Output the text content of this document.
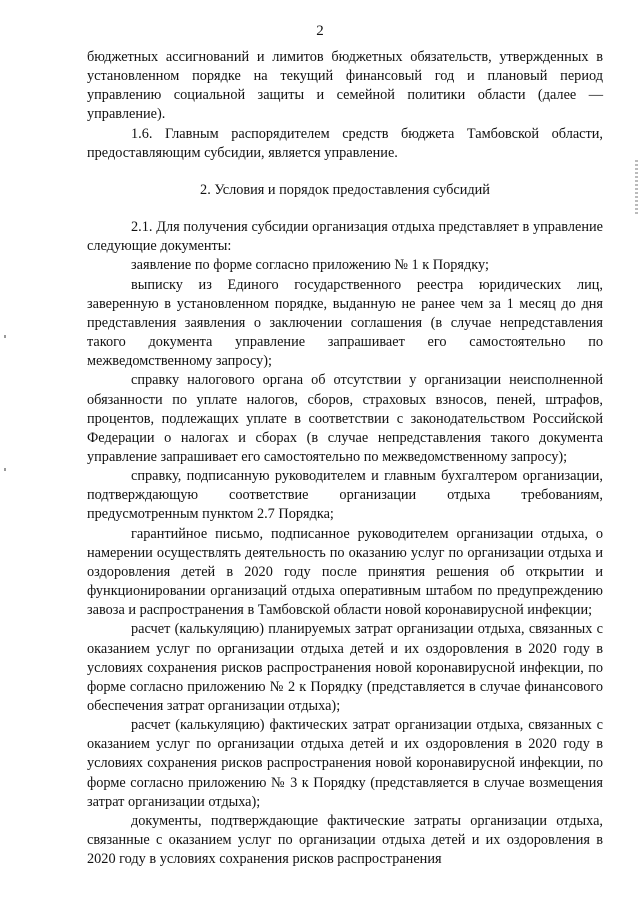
2

бюджетных ассигнований и лимитов бюджетных обязательств, утвержденных в установленном порядке на текущий финансовый год и плановый период управлению социальной защиты и семейной политики области (далее — управление).

1.6. Главным распорядителем средств бюджета Тамбовской области, предоставляющим субсидии, является управление.

2. Условия и порядок предоставления субсидий

2.1. Для получения субсидии организация отдыха представляет в управление следующие документы:

заявление по форме согласно приложению № 1 к Порядку;

выписку из Единого государственного реестра юридических лиц, заверенную в установленном порядке, выданную не ранее чем за 1 месяц до дня представления заявления о заключении соглашения (в случае непредставления такого документа управление запрашивает его самостоятельно по межведомственному запросу);

справку налогового органа об отсутствии у организации неисполненной обязанности по уплате налогов, сборов, страховых взносов, пеней, штрафов, процентов, подлежащих уплате в соответствии с законодательством Российской Федерации о налогах и сборах (в случае непредставления такого документа управление запрашивает его самостоятельно по межведомственному запросу);

справку, подписанную руководителем и главным бухгалтером организации, подтверждающую соответствие организации отдыха требованиям, предусмотренным пунктом 2.7 Порядка;

гарантийное письмо, подписанное руководителем организации отдыха, о намерении осуществлять деятельность по оказанию услуг по организации отдыха и оздоровления детей в 2020 году после принятия решения об открытии и функционировании организаций отдыха оперативным штабом по предупреждению завоза и распространения в Тамбовской области новой коронавирусной инфекции;

расчет (калькуляцию) планируемых затрат организации отдыха, связанных с оказанием услуг по организации отдыха детей и их оздоровления в 2020 году в условиях сохранения рисков распространения новой коронавирусной инфекции, по форме согласно приложению № 2 к Порядку (представляется в случае финансового обеспечения затрат организации отдыха);

расчет (калькуляцию) фактических затрат организации отдыха, связанных с оказанием услуг по организации отдыха детей и их оздоровления в 2020 году в условиях сохранения рисков распространения новой коронавирусной инфекции, по форме согласно приложению № 3 к Порядку (представляется в случае возмещения затрат организации отдыха);

документы, подтверждающие фактические затраты организации отдыха, связанные с оказанием услуг по организации отдыха детей и их оздоровления в 2020 году в условиях сохранения рисков распространения
